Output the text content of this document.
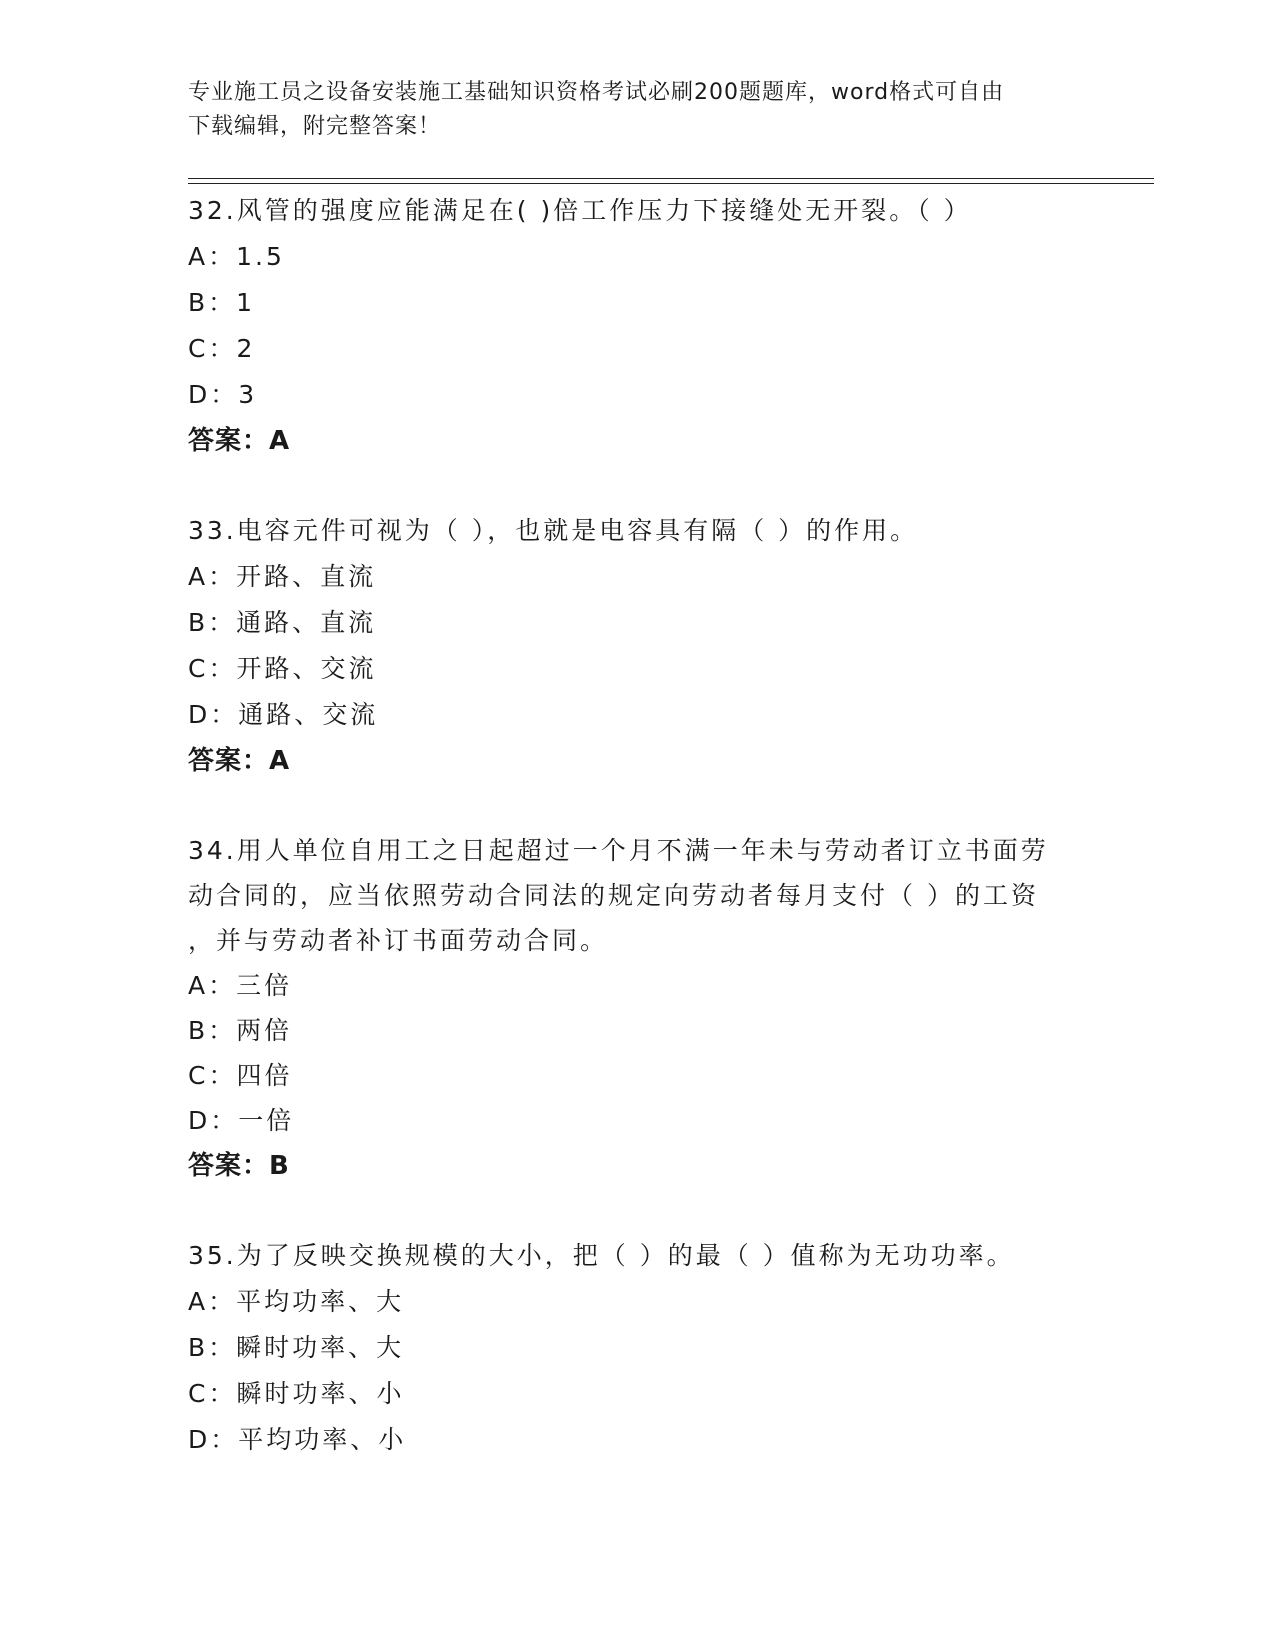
专业施工员之设备安装施工基础知识资格考试必刷200题题库，word格式可自由
下载编辑，附完整答案！
32.风管的强度应能满足在( )倍工作压力下接缝处无开裂。（ ）
A：1.5
B：1
C：2
D：3
答案：A
33.电容元件可视为（ ），也就是电容具有隔（ ）的作用。
A：开路、直流
B：通路、直流
C：开路、交流
D：通路、交流
答案：A
34.用人单位自用工之日起超过一个月不满一年未与劳动者订立书面劳
动合同的，应当依照劳动合同法的规定向劳动者每月支付（ ）的工资
，并与劳动者补订书面劳动合同。
A：三倍
B：两倍
C：四倍
D：一倍
答案：B
35.为了反映交换规模的大小，把（ ）的最（ ）值称为无功功率。
A：平均功率、大
B：瞬时功率、大
C：瞬时功率、小
D：平均功率、小
